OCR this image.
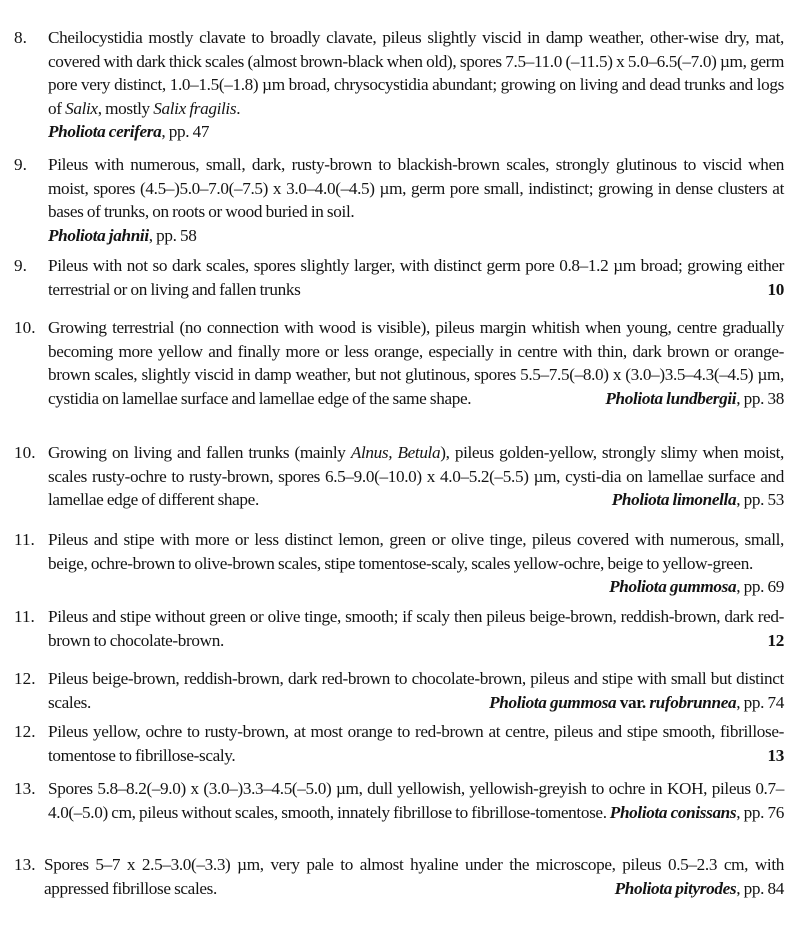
8. Cheilocystidia mostly clavate to broadly clavate, pileus slightly viscid in damp weather, other-wise dry, mat, covered with dark thick scales (almost brown-black when old), spores 7.5–11.0 (–11.5) x 5.0–6.5(–7.0) µm, germ pore very distinct, 1.0–1.5(–1.8) µm broad, chrysocystidia abundant; growing on living and dead trunks and logs of Salix, mostly Salix fragilis.
Pholiota cerifera, pp. 47
9. Pileus with numerous, small, dark, rusty-brown to blackish-brown scales, strongly glutinous to viscid when moist, spores (4.5–)5.0–7.0(–7.5) x 3.0–4.0(–4.5) µm, germ pore small, indistinct; growing in dense clusters at bases of trunks, on roots or wood buried in soil.
Pholiota jahnii, pp. 58
9. Pileus with not so dark scales, spores slightly larger, with distinct germ pore 0.8–1.2 µm broad; growing either terrestrial or on living and fallen trunks	10
10. Growing terrestrial (no connection with wood is visible), pileus margin whitish when young, centre gradually becoming more yellow and finally more or less orange, especially in centre with thin, dark brown or orange-brown scales, slightly viscid in damp weather, but not glutinous, spores 5.5–7.5(–8.0) x (3.0–)3.5–4.3(–4.5) µm, cystidia on lamellae surface and lamellae edge of the same shape.	Pholiota lundbergii, pp. 38
10. Growing on living and fallen trunks (mainly Alnus, Betula), pileus golden-yellow, strongly slimy when moist, scales rusty-ochre to rusty-brown, spores 6.5–9.0(–10.0) x 4.0–5.2(–5.5) µm, cysti-dia on lamellae surface and lamellae edge of different shape.	Pholiota limonella, pp. 53
11. Pileus and stipe with more or less distinct lemon, green or olive tinge, pileus covered with numerous, small, beige, ochre-brown to olive-brown scales, stipe tomentose-scaly, scales yellow-ochre, beige to yellow-green.
Pholiota gummosa, pp. 69
11. Pileus and stipe without green or olive tinge, smooth; if scaly then pileus beige-brown, reddish-brown, dark red-brown to chocolate-brown.	12
12. Pileus beige-brown, reddish-brown, dark red-brown to chocolate-brown, pileus and stipe with small but distinct scales.	Pholiota gummosa var. rufobrunnea, pp. 74
12. Pileus yellow, ochre to rusty-brown, at most orange to red-brown at centre, pileus and stipe smooth, fibrillose-tomentose to fibrillose-scaly.	13
13. Spores 5.8–8.2(–9.0) x (3.0–)3.3–4.5(–5.0) µm, dull yellowish, yellowish-greyish to ochre in KOH, pileus 0.7–4.0(–5.0) cm, pileus without scales, smooth, innately fibrillose to fibrillose-tomentose. Pholiota conissans, pp. 76
13. Spores 5–7 x 2.5–3.0(–3.3) µm, very pale to almost hyaline under the microscope, pileus 0.5–2.3 cm, with appressed fibrillose scales.	Pholiota pityrodes, pp. 84
